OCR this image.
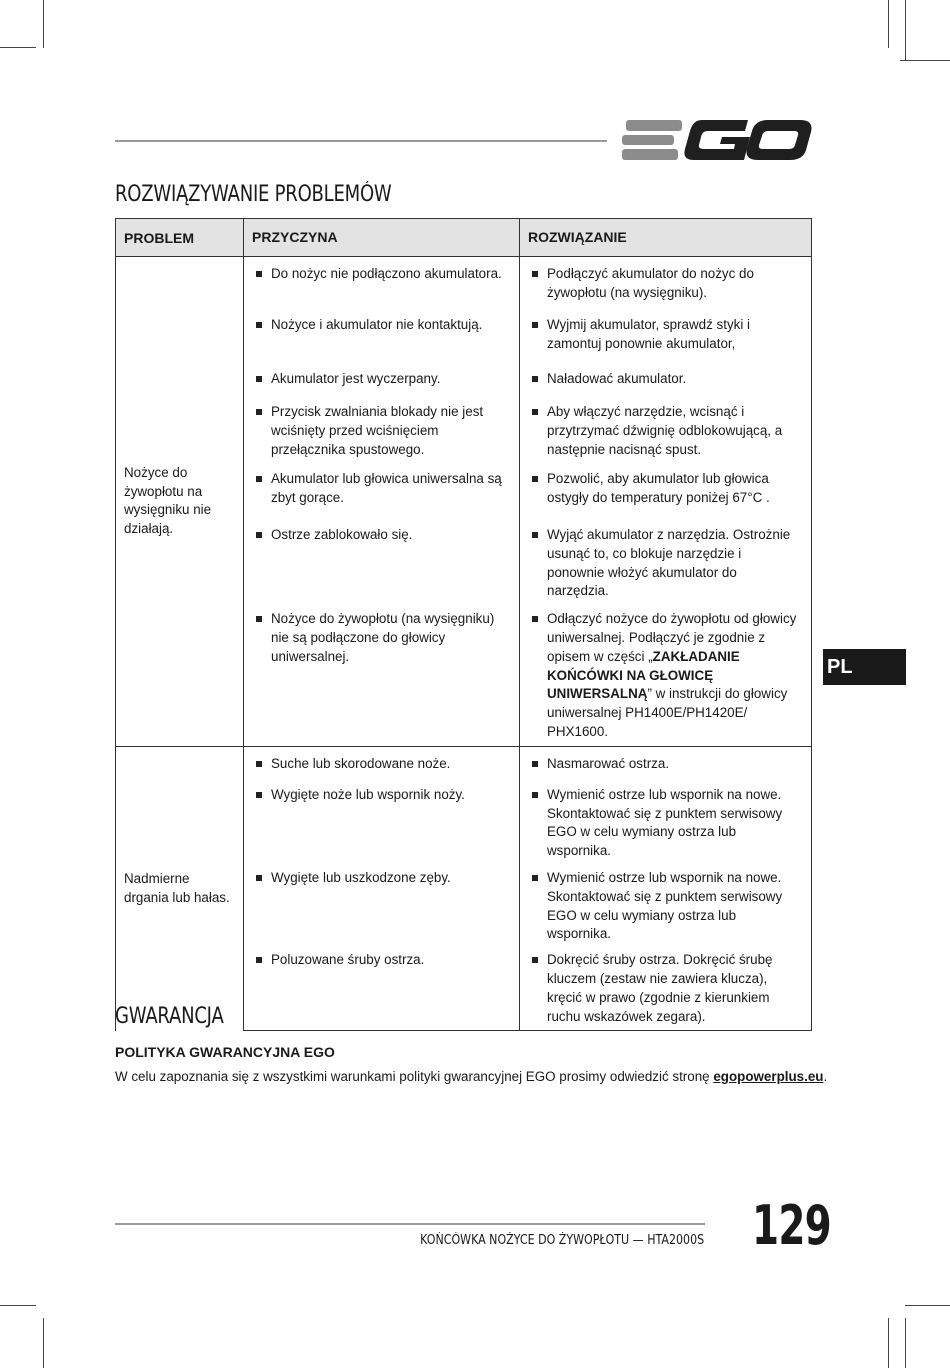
ROZWIĄZYWANIE PROBLEMÓW
PROBLEM	PRZYCZYNA	ROZWIĄZANIE
Nożyce do żywopłotu na wysięgniku nie działają.	Do nożyc nie podłączono akumulatora.	Podłączyć akumulator do nożyc do żywopłotu (na wysięgniku).

	Nożyce i akumulator nie kontaktują.	Wyjmij akumulator, sprawdź styki i zamontuj ponownie akumulator,

	Akumulator jest wyczerpany.	Naładować akumulator.

	Przycisk zwalniania blokady nie jest wciśnięty przed wciśnięciem przełącznika spustowego.	Aby włączyć narzędzie, wcisnąć i przytrzymać dźwignię odblokowującą, a następnie nacisnąć spust.

	Akumulator lub głowica uniwersalna są zbyt gorące.	Pozwolić, aby akumulator lub głowica ostygły do temperatury poniżej 67°C .

	Ostrze zablokowało się.	Wyjąć akumulator z narzędzia. Ostrożnie usunąć to, co blokuje narzędzie i ponownie włożyć akumulator do narzędzia.

	Nożyce do żywopłotu (na wysięgniku) nie są podłączone do głowicy uniwersalnej.	Odłączyć nożyce do żywopłotu od głowicy uniwersalnej. Podłączyć je zgodnie z opisem w części „ZAKŁADANIE KOŃCÓWKI NA GŁOWICĘ UNIWERSALNĄ” w instrukcji do głowicy uniwersalnej PH1400E/PH1420E/ PHX1600.

Nadmierne drgania lub hałas.	Suche lub skorodowane noże.	Nasmarować ostrza.

	Wygięte noże lub wspornik noży.	Wymienić ostrze lub wspornik na nowe. Skontaktować się z punktem serwisowy EGO w celu wymiany ostrza lub wspornika.

	Wygięte lub uszkodzone zęby.	Wymienić ostrze lub wspornik na nowe. Skontaktować się z punktem serwisowy EGO w celu wymiany ostrza lub wspornika.

	Poluzowane śruby ostrza.	Dokręcić śruby ostrza. Dokręcić śrubę kluczem (zestaw nie zawiera klucza), kręcić w prawo (zgodnie z kierunkiem ruchu wskazówek zegara).
PL
GWARANCJA

POLITYKA GWARANCYJNA EGO

W celu zapoznania się z wszystkimi warunkami polityki gwarancyjnej EGO prosimy odwiedzić stronę egopowerplus.eu.

KOŃCÓWKA NOŻYCE DO ŻYWOPŁOTU — HTA2000S 129
